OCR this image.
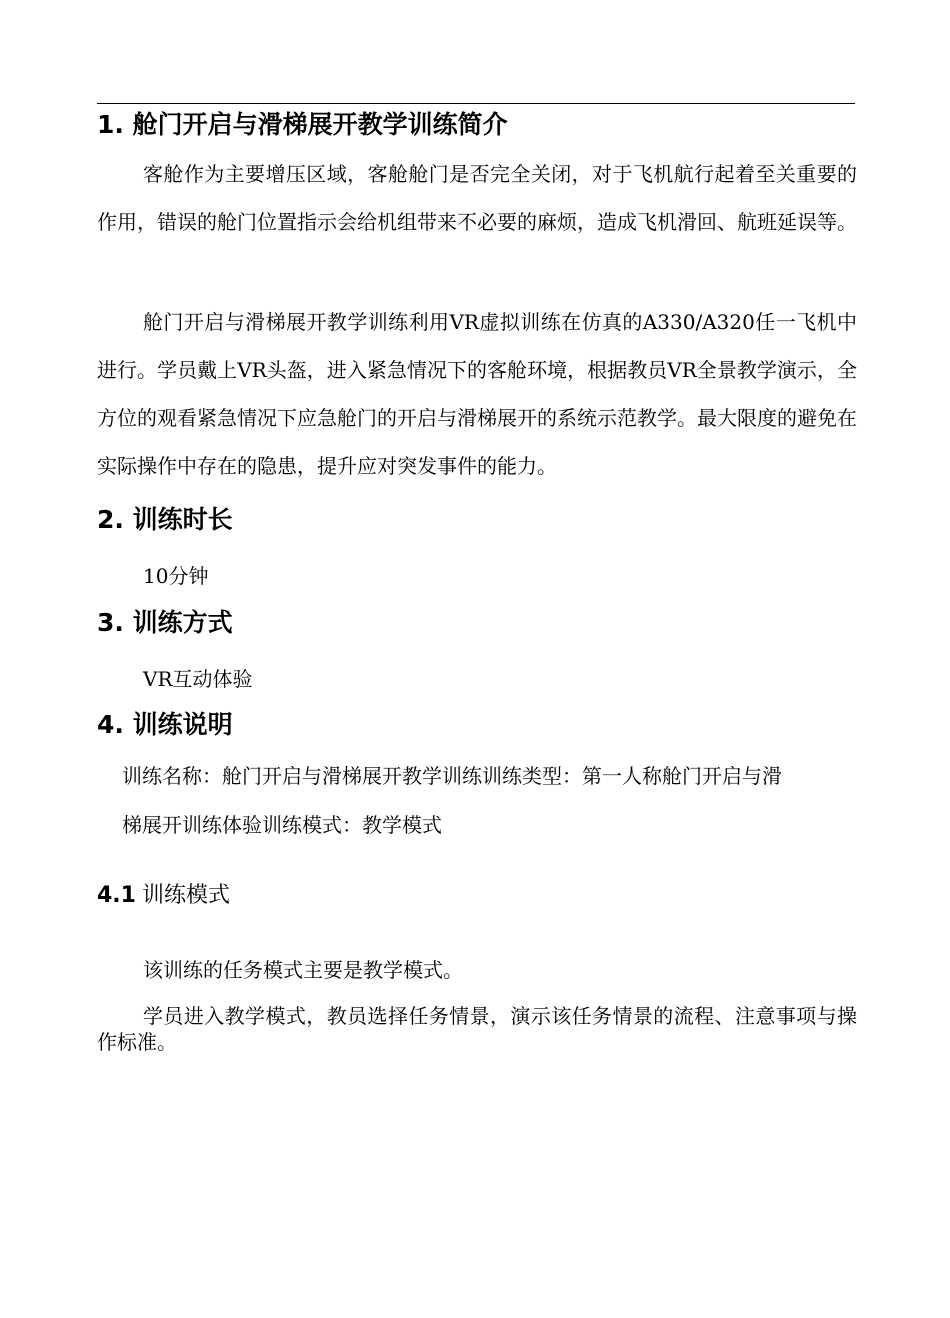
1. 舱门开启与滑梯展开教学训练简介
客舱作为主要增压区域，客舱舱门是否完全关闭，对于飞机航行起着至关重要的作用，错误的舱门位置指示会给机组带来不必要的麻烦，造成飞机滑回、航班延误等。
舱门开启与滑梯展开教学训练利用VR虚拟训练在仿真的A330/A320任一飞机中进行。学员戴上VR头盔，进入紧急情况下的客舱环境，根据教员VR全景教学演示，全方位的观看紧急情况下应急舱门的开启与滑梯展开的系统示范教学。最大限度的避免在实际操作中存在的隐患，提升应对突发事件的能力。
2. 训练时长
10分钟
3. 训练方式
VR互动体验
4. 训练说明
训练名称：舱门开启与滑梯展开教学训练训练类型：第一人称舱门开启与滑
梯展开训练体验训练模式：教学模式
4.1 训练模式
该训练的任务模式主要是教学模式。
学员进入教学模式，教员选择任务情景，演示该任务情景的流程、注意事项与操作标准。
